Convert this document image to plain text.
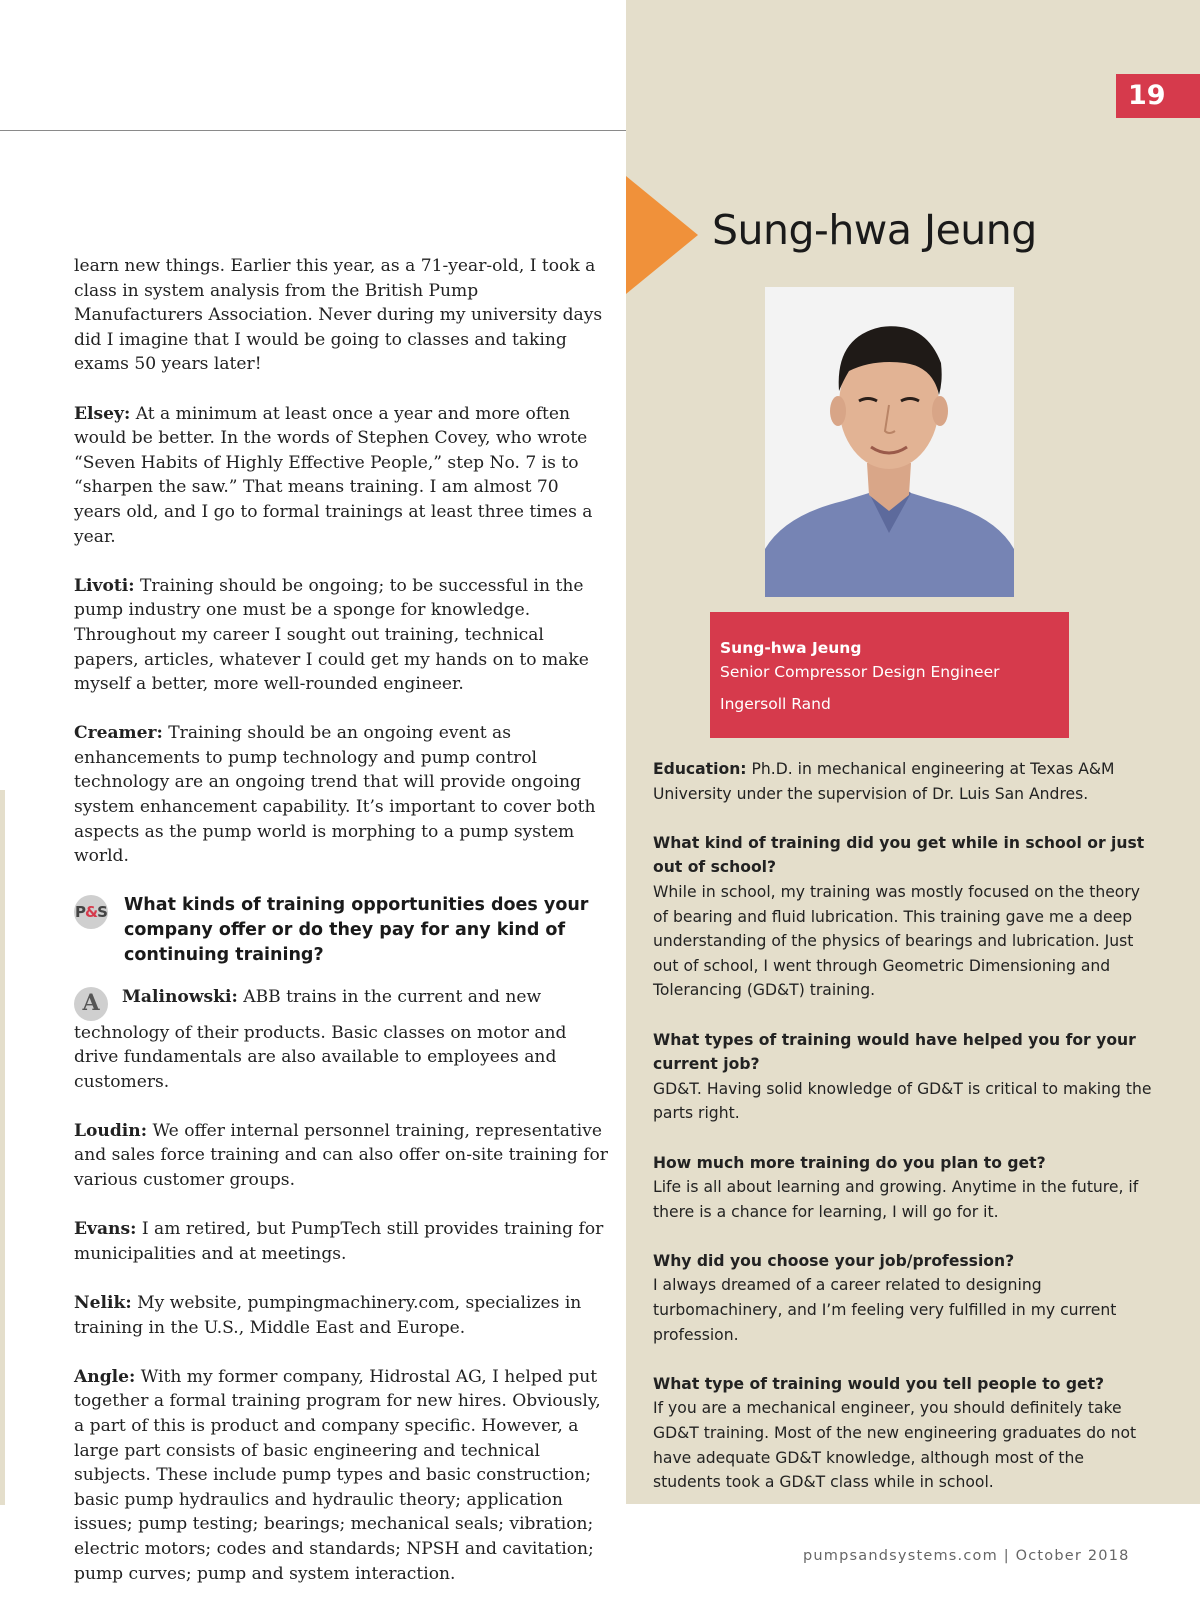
19

learn new things. Earlier this year, as a 71-year-old, I took a class in system analysis from the British Pump Manufacturers Association. Never during my university days did I imagine that I would be going to classes and taking exams 50 years later!

Elsey: At a minimum at least once a year and more often would be better. In the words of Stephen Covey, who wrote “Seven Habits of Highly Effective People,” step No. 7 is to “sharpen the saw.” That means training. I am almost 70 years old, and I go to formal trainings at least three times a year.

Livoti: Training should be ongoing; to be successful in the pump industry one must be a sponge for knowledge. Throughout my career I sought out training, technical papers, articles, whatever I could get my hands on to make myself a better, more well-rounded engineer.

Creamer: Training should be an ongoing event as enhancements to pump technology and pump control technology are an ongoing trend that will provide ongoing system enhancement capability. It’s important to cover both aspects as the pump world is morphing to a pump system world.

P & S What kinds of training opportunities does your company offer or do they pay for any kind of continuing training?

A Malinowski: ABB trains in the current and new technology of their products. Basic classes on motor and drive fundamentals are also available to employees and customers.

Loudin: We offer internal personnel training, representative and sales force training and can also offer on-site training for various customer groups.

Evans: I am retired, but PumpTech still provides training for municipalities and at meetings.

Nelik: My website, pumpingmachinery.com, specializes in training in the U.S., Middle East and Europe.

Angle: With my former company, Hidrostal AG, I helped put together a formal training program for new hires. Obviously, a part of this is product and company specific. However, a large part consists of basic engineering and technical subjects. These include pump types and basic construction; basic pump hydraulics and hydraulic theory; application issues; pump testing; bearings; mechanical seals; vibration; electric motors; codes and standards; NPSH and cavitation; pump curves; pump and system interaction.

Sung-hwa Jeung
Sung-hwa Jeung
Senior Compressor Design Engineer
Ingersoll Rand
Education: Ph.D. in mechanical engineering at Texas A&M University under the supervision of Dr. Luis San Andres.
What kind of training did you get while in school or just out of school?
While in school, my training was mostly focused on the theory of bearing and fluid lubrication. This training gave me a deep understanding of the physics of bearings and lubrication. Just out of school, I went through Geometric Dimensioning and Tolerancing (GD&T) training.
What types of training would have helped you for your current job?
GD&T. Having solid knowledge of GD&T is critical to making the parts right.
How much more training do you plan to get?
Life is all about learning and growing. Anytime in the future, if there is a chance for learning, I will go for it.
Why did you choose your job/profession?
I always dreamed of a career related to designing turbomachinery, and I’m feeling very fulfilled in my current profession.
What type of training would you tell people to get?
If you are a mechanical engineer, you should definitely take GD&T training. Most of the new engineering graduates do not have adequate GD&T knowledge, although most of the students took a GD&T class while in school.
pumpsandsystems.com | October 2018
